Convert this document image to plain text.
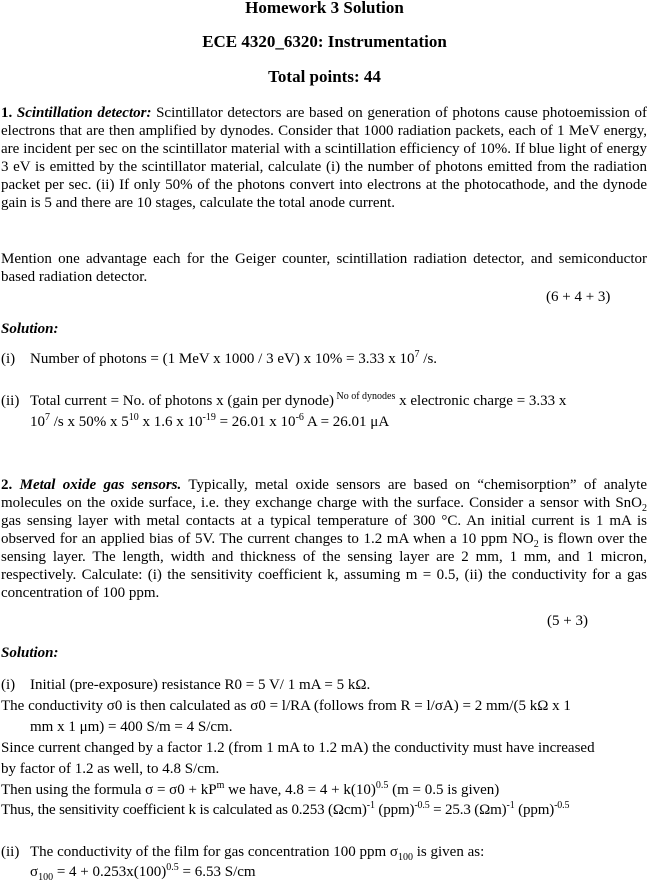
Homework 3 Solution
ECE 4320_6320: Instrumentation
Total points: 44
1. Scintillation detector: Scintillator detectors are based on generation of photons cause photoemission of electrons that are then amplified by dynodes. Consider that 1000 radiation packets, each of 1 MeV energy, are incident per sec on the scintillator material with a scintillation efficiency of 10%. If blue light of energy 3 eV is emitted by the scintillator material, calculate (i) the number of photons emitted from the radiation packet per sec. (ii) If only 50% of the photons convert into electrons at the photocathode, and the dynode gain is 5 and there are 10 stages, calculate the total anode current.
Mention one advantage each for the Geiger counter, scintillation radiation detector, and semiconductor based radiation detector.
(6 + 4 + 3)
Solution:
(i) Number of photons = (1 MeV x 1000 / 3 eV) x 10% = 3.33 x $10^7$ /s.
(ii) Total current = No. of photons x (gain per dynode) $^{No of dynodes}$ x electronic charge = 3.33 x
$10^7$ /s x 50% x $5^{10}$ x 1.6 x $10^{-19} = 26.01$ x $10^{-6}$ A = 26.01 μA
2. Metal oxide gas sensors. Typically, metal oxide sensors are based on “chemisorption” of analyte molecules on the oxide surface, i.e. they exchange charge with the surface. Consider a sensor with SnO$_2$ gas sensing layer with metal contacts at a typical temperature of 300 °C. An initial current is 1 mA is observed for an applied bias of 5V. The current changes to 1.2 mA when a 10 ppm $NO_2$ is flown over the sensing layer. The length, width and thickness of the sensing layer are 2 mm, 1 mm, and 1 micron, respectively. Calculate: (i) the sensitivity coefficient k, assuming m = 0.5, (ii) the conductivity for a gas concentration of 100 ppm.
(5 + 3)
Solution:
(i) Initial (pre-exposure) resistance R0 = 5 V/ 1 mA = 5 kΩ.
The conductivity σ0 is then calculated as σ0 = l/RA (follows from R = l/σA) = 2 mm/(5 kΩ x 1
mm x 1 μm) = 400 S/m = 4 S/cm.
Since current changed by a factor 1.2 (from 1 mA to 1.2 mA) the conductivity must have increased
by factor of 1.2 as well, to 4.8 S/cm.
Then using the formula $\sigma = \sigma 0 + kP^m$ we have, $4.8 = 4 + k(10)^{0.5}$ (m = 0.5 is given)
Thus, the sensitivity coefficient k is calculated as 0.253 $(\Omega cm)^{-1}$ (ppm)$^{-0.5}$ = 25.3 $(\Omega m)^{-1}$ (ppm)$^{-0.5}$
(ii) The conductivity of the film for gas concentration 100 ppm $\sigma_{100}$ is given as:
$\sigma_{100} = 4 + 0.253x(100)^{0.5} = 6.53$ S/cm
